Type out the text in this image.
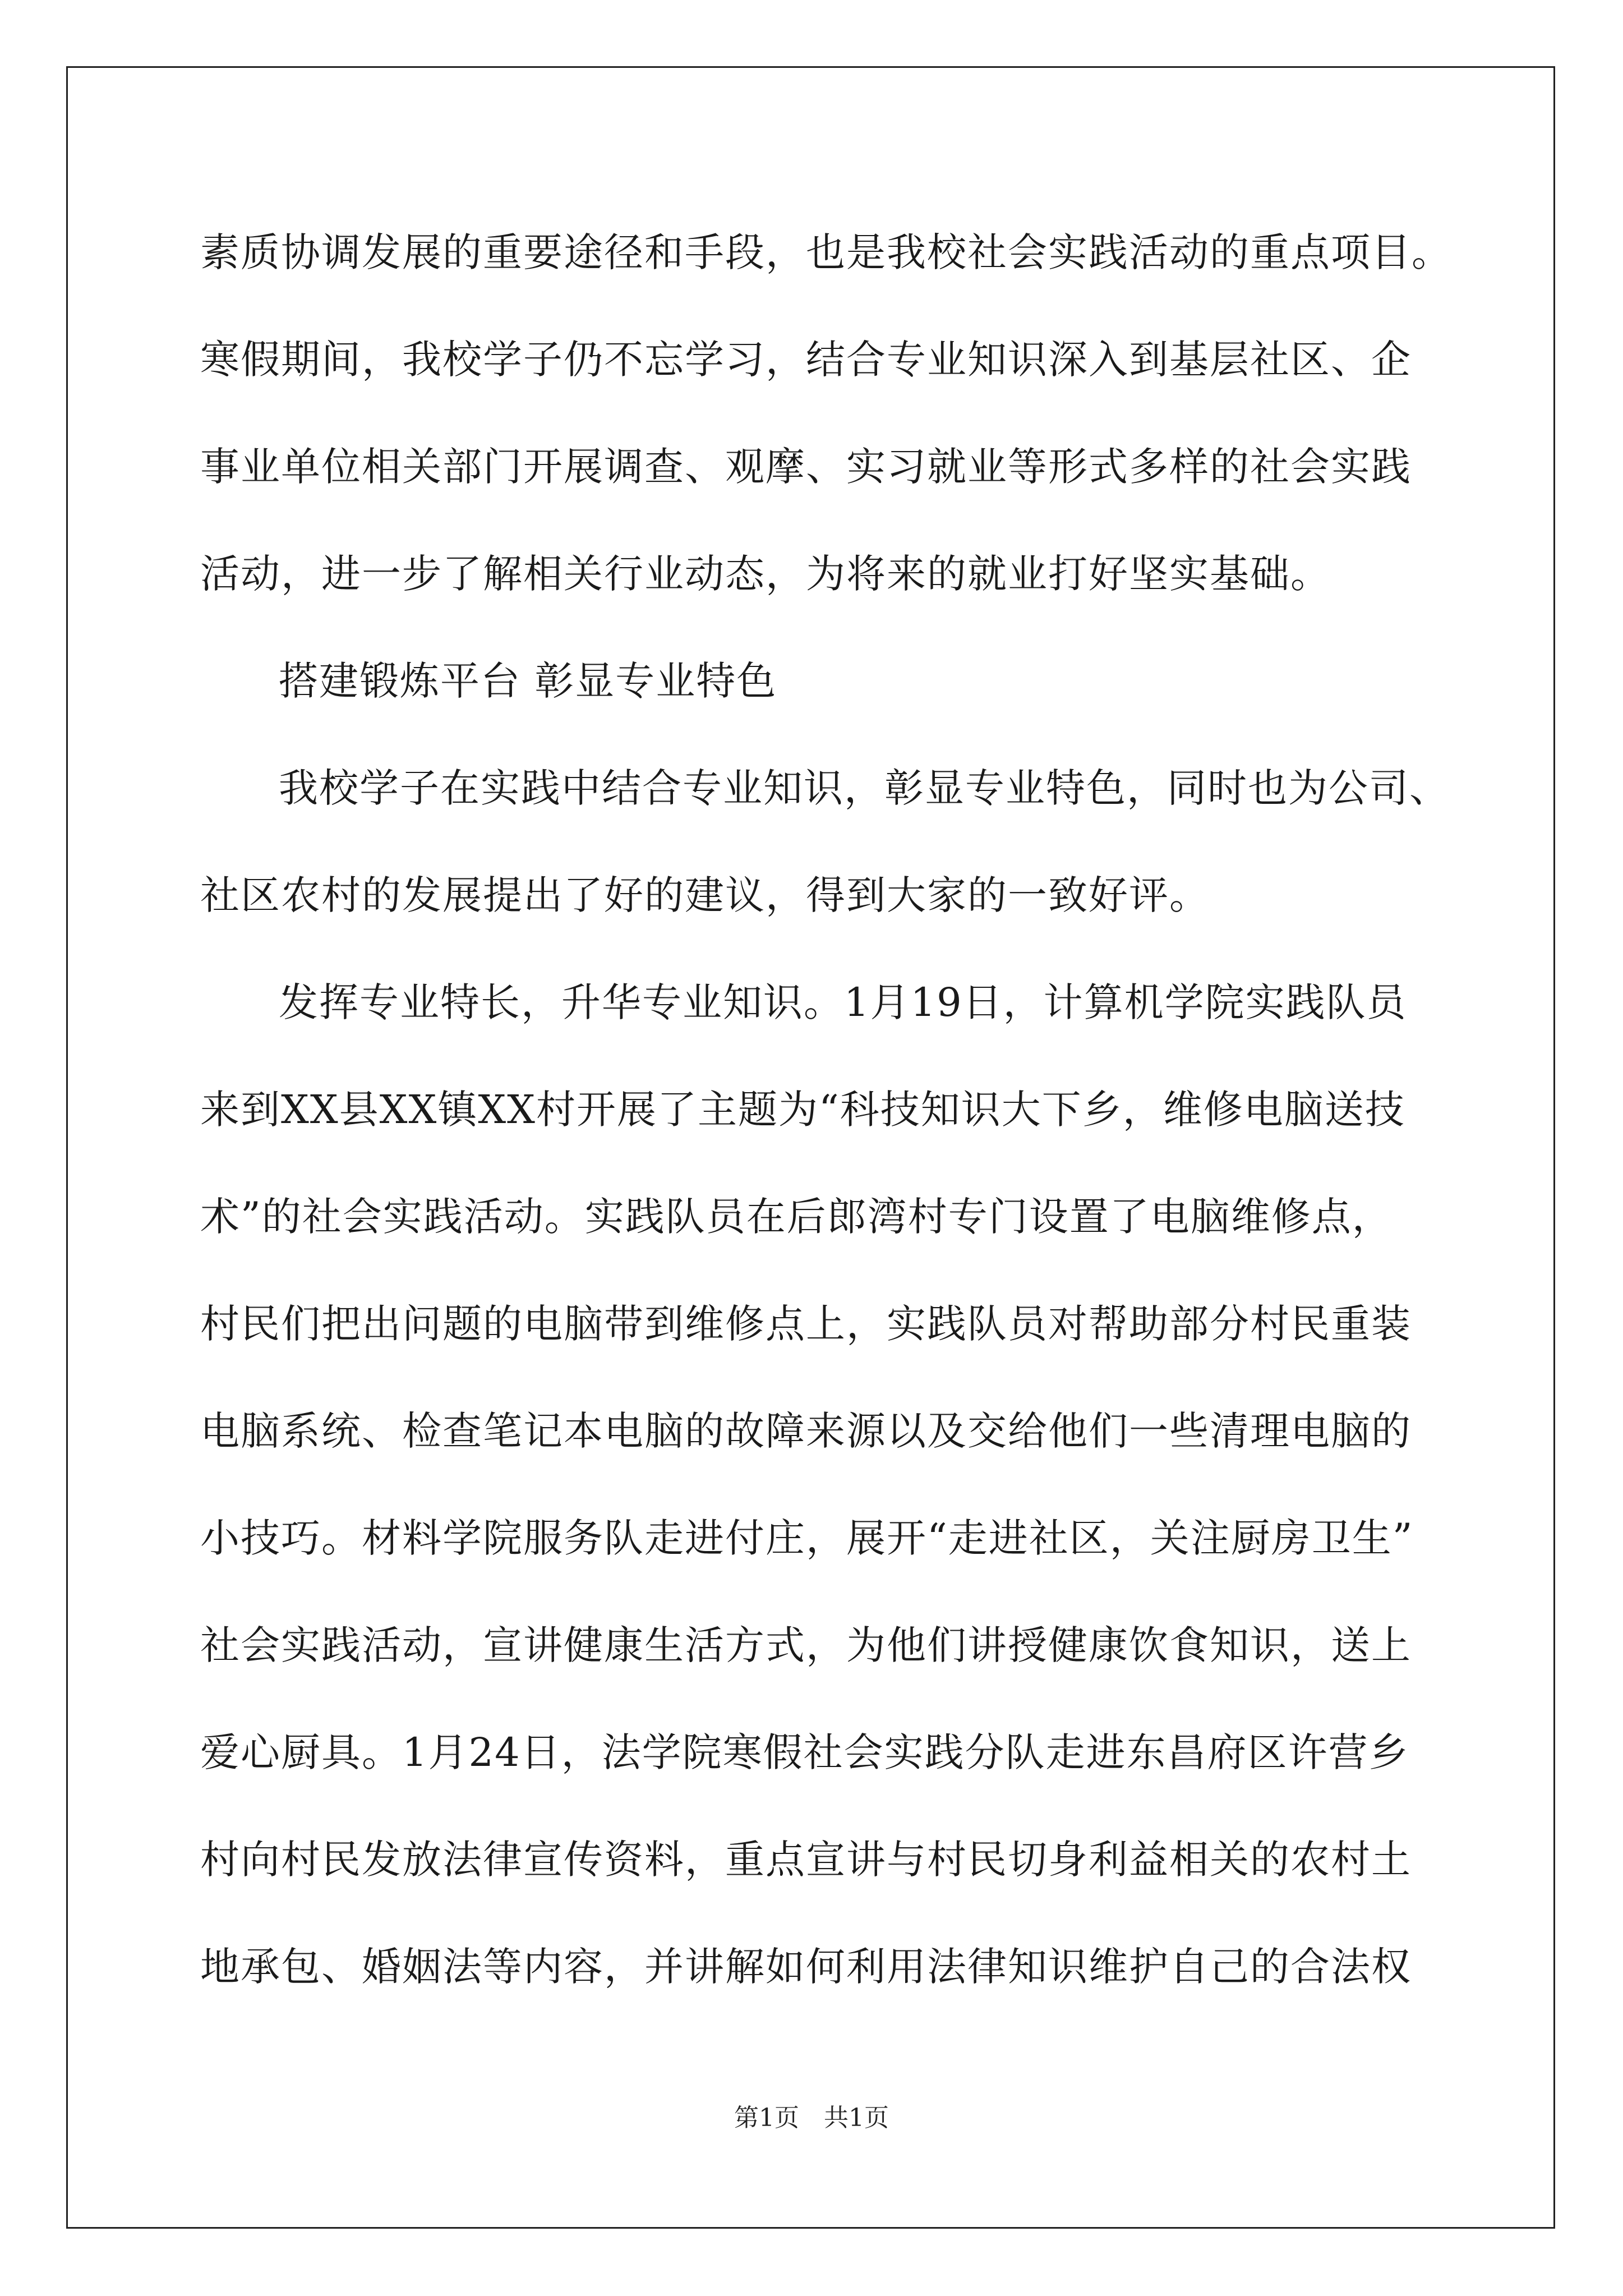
素质协调发展的重要途径和手段，也是我校社会实践活动的重点项目。
寒假期间，我校学子仍不忘学习，结合专业知识深入到基层社区、企
事业单位相关部门开展调查、观摩、实习就业等形式多样的社会实践
活动，进一步了解相关行业动态，为将来的就业打好坚实基础。
搭建锻炼平台 彰显专业特色
我校学子在实践中结合专业知识，彰显专业特色，同时也为公司、
社区农村的发展提出了好的建议，得到大家的一致好评。
发挥专业特长，升华专业知识。1月19日，计算机学院实践队员
来到XX县XX镇XX村开展了主题为“科技知识大下乡，维修电脑送技
术”的社会实践活动。实践队员在后郎湾村专门设置了电脑维修点，
村民们把出问题的电脑带到维修点上，实践队员对帮助部分村民重装
电脑系统、检查笔记本电脑的故障来源以及交给他们一些清理电脑的
小技巧。材料学院服务队走进付庄，展开“走进社区，关注厨房卫生”
社会实践活动，宣讲健康生活方式，为他们讲授健康饮食知识，送上
爱心厨具。1月24日，法学院寒假社会实践分队走进东昌府区许营乡
村向村民发放法律宣传资料，重点宣讲与村民切身利益相关的农村土
地承包、婚姻法等内容，并讲解如何利用法律知识维护自己的合法权
第1页　共1页
